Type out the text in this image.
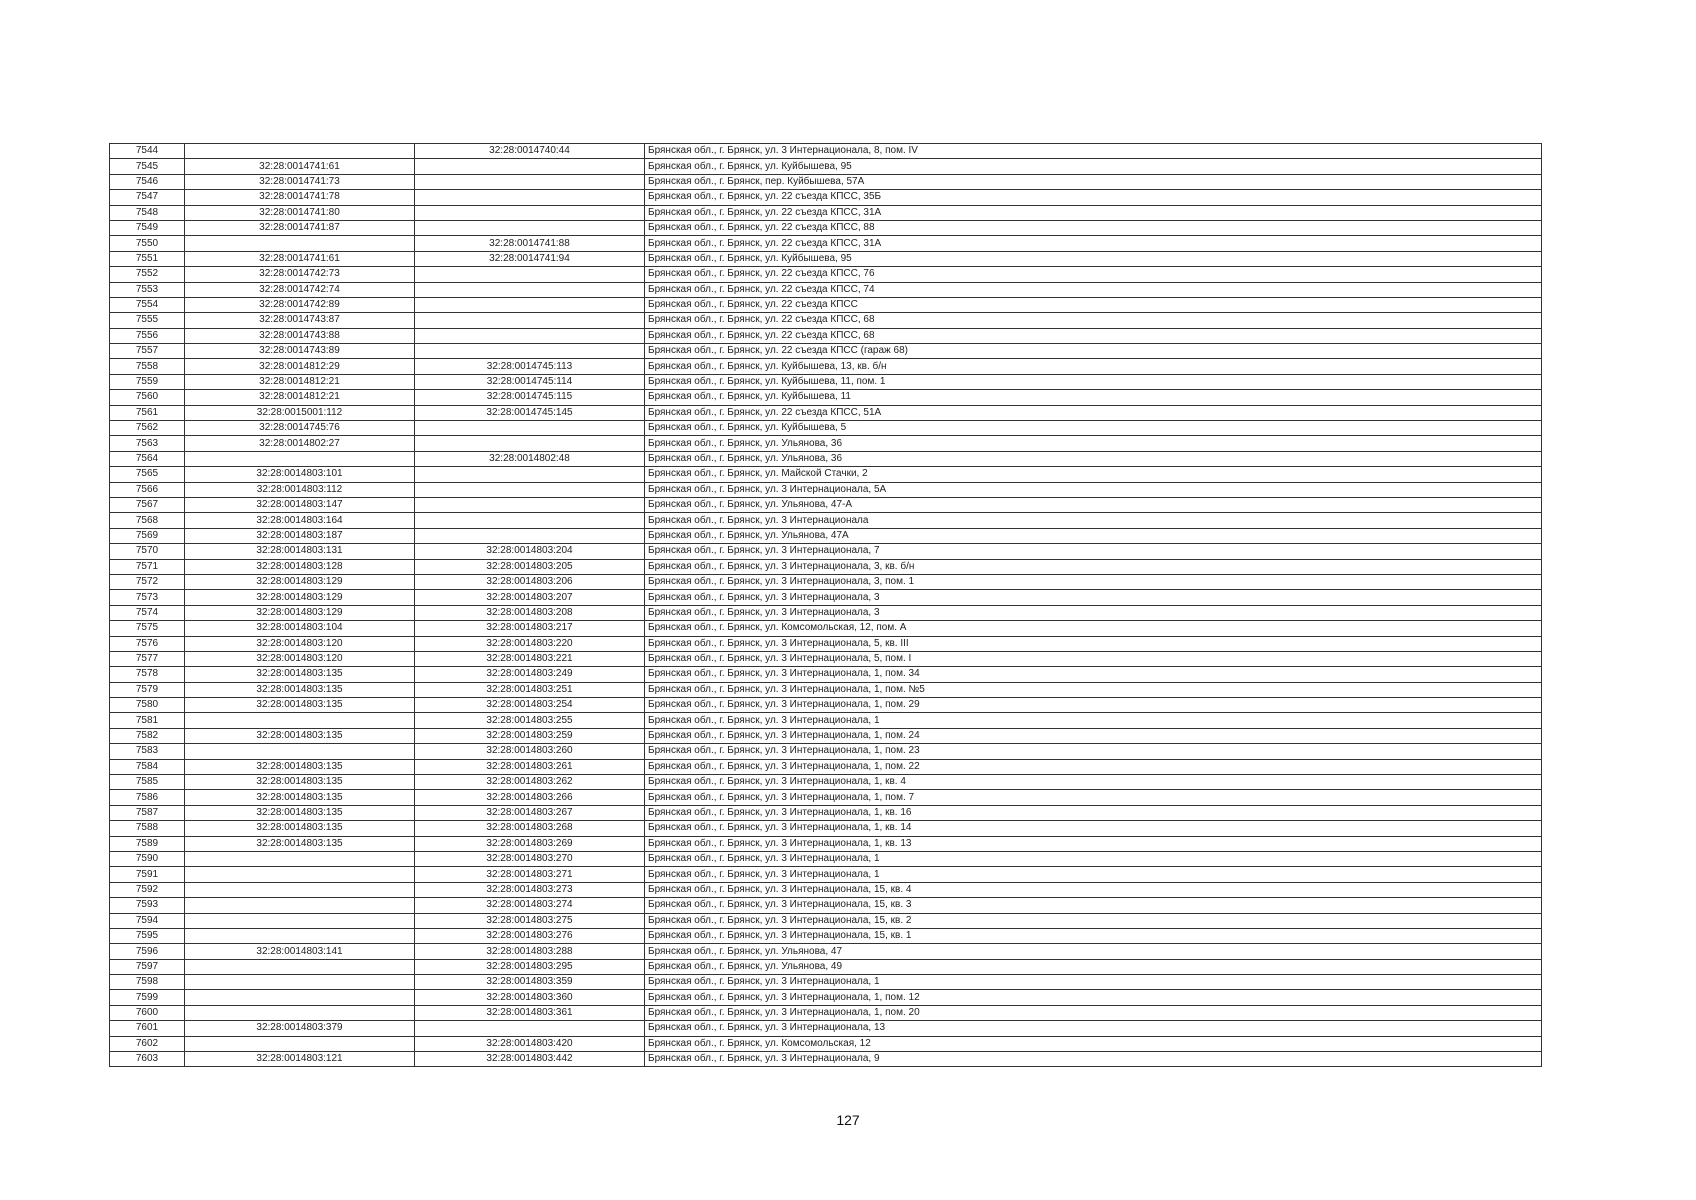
7544		32:28:0014740:44	Брянская обл., г. Брянск, ул. 3 Интернационала, 8, пом. IV
7545	32:28:0014741:61		Брянская обл., г. Брянск, ул. Куйбышева, 95
7546	32:28:0014741:73		Брянская обл., г. Брянск, пер. Куйбышева, 57А
7547	32:28:0014741:78		Брянская обл., г. Брянск, ул. 22 съезда КПСС, 35Б
7548	32:28:0014741:80		Брянская обл., г. Брянск, ул. 22 съезда КПСС, 31А
7549	32:28:0014741:87		Брянская обл., г. Брянск, ул. 22 съезда КПСС, 88
7550		32:28:0014741:88	Брянская обл., г. Брянск, ул. 22 съезда КПСС, 31А
7551	32:28:0014741:61	32:28:0014741:94	Брянская обл., г. Брянск, ул. Куйбышева, 95
7552	32:28:0014742:73		Брянская обл., г. Брянск, ул. 22 съезда КПСС, 76
7553	32:28:0014742:74		Брянская обл., г. Брянск, ул. 22 съезда КПСС, 74
7554	32:28:0014742:89		Брянская обл., г. Брянск, ул. 22 съезда КПСС
7555	32:28:0014743:87		Брянская обл., г. Брянск, ул. 22 съезда КПСС, 68
7556	32:28:0014743:88		Брянская обл., г. Брянск, ул. 22 съезда КПСС, 68
7557	32:28:0014743:89		Брянская обл., г. Брянск, ул. 22 съезда КПСС (гараж 68)
7558	32:28:0014812:29	32:28:0014745:113	Брянская обл., г. Брянск, ул. Куйбышева, 13, кв. б/н
7559	32:28:0014812:21	32:28:0014745:114	Брянская обл., г. Брянск, ул. Куйбышева, 11, пом. 1
7560	32:28:0014812:21	32:28:0014745:115	Брянская обл., г. Брянск, ул. Куйбышева, 11
7561	32:28:0015001:112	32:28:0014745:145	Брянская обл., г. Брянск, ул. 22 съезда КПСС, 51А
7562	32:28:0014745:76		Брянская обл., г. Брянск, ул. Куйбышева, 5
7563	32:28:0014802:27		Брянская обл., г. Брянск, ул. Ульянова, 36
7564		32:28:0014802:48	Брянская обл., г. Брянск, ул. Ульянова, 36
7565	32:28:0014803:101		Брянская обл., г. Брянск, ул. Майской Стачки, 2
7566	32:28:0014803:112		Брянская обл., г. Брянск, ул. 3 Интернационала, 5А
7567	32:28:0014803:147		Брянская обл., г. Брянск, ул. Ульянова, 47-А
7568	32:28:0014803:164		Брянская обл., г. Брянск, ул. 3 Интернационала
7569	32:28:0014803:187		Брянская обл., г. Брянск, ул. Ульянова, 47А
7570	32:28:0014803:131	32:28:0014803:204	Брянская обл., г. Брянск, ул. 3 Интернационала, 7
7571	32:28:0014803:128	32:28:0014803:205	Брянская обл., г. Брянск, ул. 3 Интернационала, 3, кв. б/н
7572	32:28:0014803:129	32:28:0014803:206	Брянская обл., г. Брянск, ул. 3 Интернационала, 3, пом. 1
7573	32:28:0014803:129	32:28:0014803:207	Брянская обл., г. Брянск, ул. 3 Интернационала, 3
7574	32:28:0014803:129	32:28:0014803:208	Брянская обл., г. Брянск, ул. 3 Интернационала, 3
7575	32:28:0014803:104	32:28:0014803:217	Брянская обл., г. Брянск, ул. Комсомольская, 12, пом. А
7576	32:28:0014803:120	32:28:0014803:220	Брянская обл., г. Брянск, ул. 3 Интернационала, 5, кв. III
7577	32:28:0014803:120	32:28:0014803:221	Брянская обл., г. Брянск, ул. 3 Интернационала, 5, пом. I
7578	32:28:0014803:135	32:28:0014803:249	Брянская обл., г. Брянск, ул. 3 Интернационала, 1, пом. 34
7579	32:28:0014803:135	32:28:0014803:251	Брянская обл., г. Брянск, ул. 3 Интернационала, 1, пом. №5
7580	32:28:0014803:135	32:28:0014803:254	Брянская обл., г. Брянск, ул. 3 Интернационала, 1, пом. 29
7581		32:28:0014803:255	Брянская обл., г. Брянск, ул. 3 Интернационала, 1
7582	32:28:0014803:135	32:28:0014803:259	Брянская обл., г. Брянск, ул. 3 Интернационала, 1, пом. 24
7583		32:28:0014803:260	Брянская обл., г. Брянск, ул. 3 Интернационала, 1, пом. 23
7584	32:28:0014803:135	32:28:0014803:261	Брянская обл., г. Брянск, ул. 3 Интернационала, 1, пом. 22
7585	32:28:0014803:135	32:28:0014803:262	Брянская обл., г. Брянск, ул. 3 Интернационала, 1, кв. 4
7586	32:28:0014803:135	32:28:0014803:266	Брянская обл., г. Брянск, ул. 3 Интернационала, 1, пом. 7
7587	32:28:0014803:135	32:28:0014803:267	Брянская обл., г. Брянск, ул. 3 Интернационала, 1, кв. 16
7588	32:28:0014803:135	32:28:0014803:268	Брянская обл., г. Брянск, ул. 3 Интернационала, 1, кв. 14
7589	32:28:0014803:135	32:28:0014803:269	Брянская обл., г. Брянск, ул. 3 Интернационала, 1, кв. 13
7590		32:28:0014803:270	Брянская обл., г. Брянск, ул. 3 Интернационала, 1
7591		32:28:0014803:271	Брянская обл., г. Брянск, ул. 3 Интернационала, 1
7592		32:28:0014803:273	Брянская обл., г. Брянск, ул. 3 Интернационала, 15, кв. 4
7593		32:28:0014803:274	Брянская обл., г. Брянск, ул. 3 Интернационала, 15, кв. 3
7594		32:28:0014803:275	Брянская обл., г. Брянск, ул. 3 Интернационала, 15, кв. 2
7595		32:28:0014803:276	Брянская обл., г. Брянск, ул. 3 Интернационала, 15, кв. 1
7596	32:28:0014803:141	32:28:0014803:288	Брянская обл., г. Брянск, ул. Ульянова, 47
7597		32:28:0014803:295	Брянская обл., г. Брянск, ул. Ульянова, 49
7598		32:28:0014803:359	Брянская обл., г. Брянск, ул. 3 Интернационала, 1
7599		32:28:0014803:360	Брянская обл., г. Брянск, ул. 3 Интернационала, 1, пом. 12
7600		32:28:0014803:361	Брянская обл., г. Брянск, ул. 3 Интернационала, 1, пом. 20
7601	32:28:0014803:379		Брянская обл., г. Брянск, ул. 3 Интернационала, 13
7602		32:28:0014803:420	Брянская обл., г. Брянск, ул. Комсомольская, 12
7603	32:28:0014803:121	32:28:0014803:442	Брянская обл., г. Брянск, ул. 3 Интернационала, 9
127
